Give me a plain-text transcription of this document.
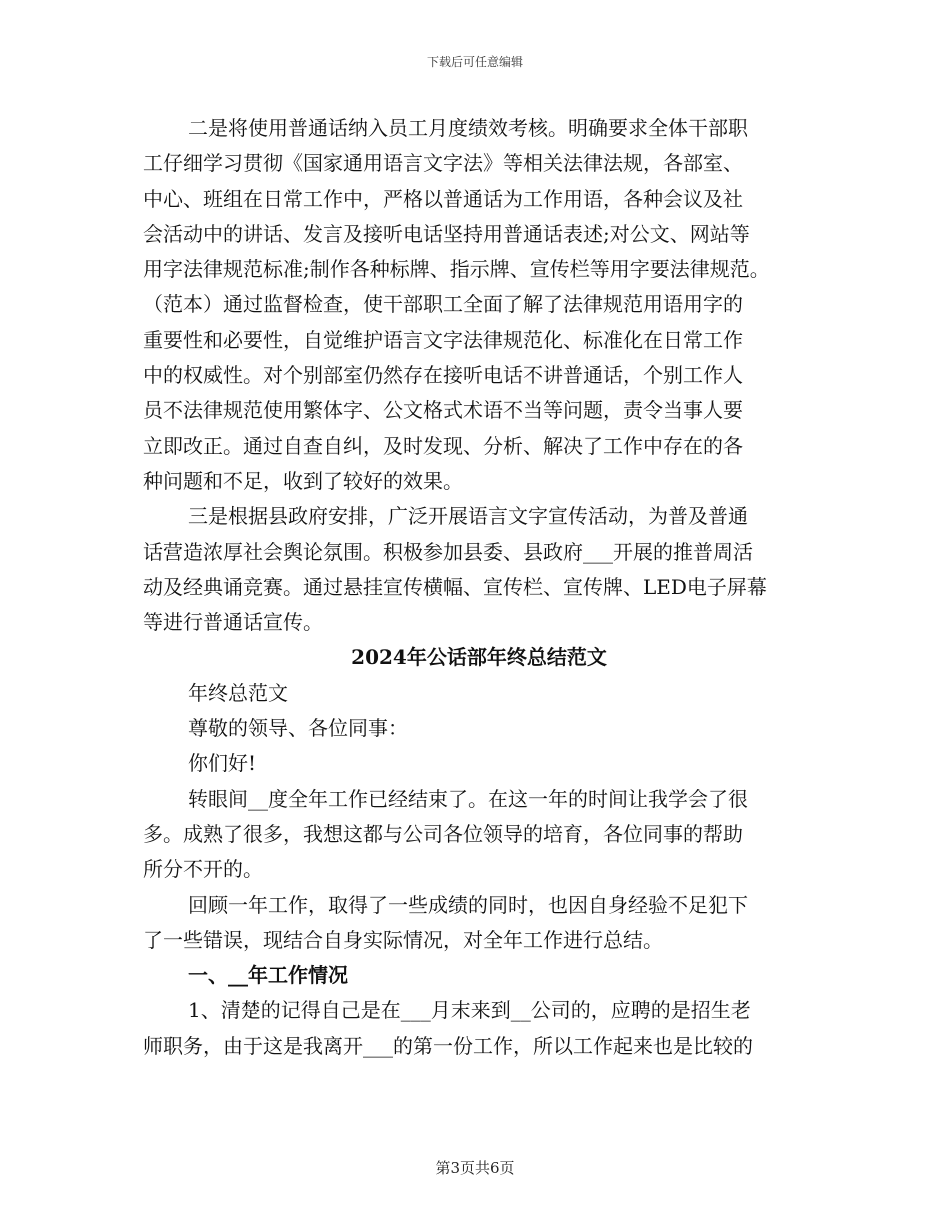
下载后可任意编辑
二是将使用普通话纳入员工月度绩效考核。明确要求全体干部职
工仔细学习贯彻《国家通用语言文字法》等相关法律法规，各部室、
中心、班组在日常工作中，严格以普通话为工作用语，各种会议及社
会活动中的讲话、发言及接听电话坚持用普通话表述;对公文、网站等
用字法律规范标准;制作各种标牌、指示牌、宣传栏等用字要法律规范。
（范本）通过监督检查，使干部职工全面了解了法律规范用语用字的
重要性和必要性，自觉维护语言文字法律规范化、标准化在日常工作
中的权威性。对个别部室仍然存在接听电话不讲普通话，个别工作人
员不法律规范使用繁体字、公文格式术语不当等问题，责令当事人要
立即改正。通过自查自纠，及时发现、分析、解决了工作中存在的各
种问题和不足，收到了较好的效果。
三是根据县政府安排，广泛开展语言文字宣传活动，为普及普通
话营造浓厚社会舆论氛围。积极参加县委、县政府___开展的推普周活
动及经典诵竞赛。通过悬挂宣传横幅、宣传栏、宣传牌、LED电子屏幕
等进行普通话宣传。
2024年公话部年终总结范文
年终总范文
尊敬的领导、各位同事：
你们好!
转眼间__度全年工作已经结束了。在这一年的时间让我学会了很
多。成熟了很多，我想这都与公司各位领导的培育，各位同事的帮助
所分不开的。
回顾一年工作，取得了一些成绩的同时，也因自身经验不足犯下
了一些错误，现结合自身实际情况，对全年工作进行总结。
一、__年工作情况
1、清楚的记得自己是在___月末来到__公司的，应聘的是招生老
师职务，由于这是我离开___的第一份工作，所以工作起来也是比较的
第3页共6页
